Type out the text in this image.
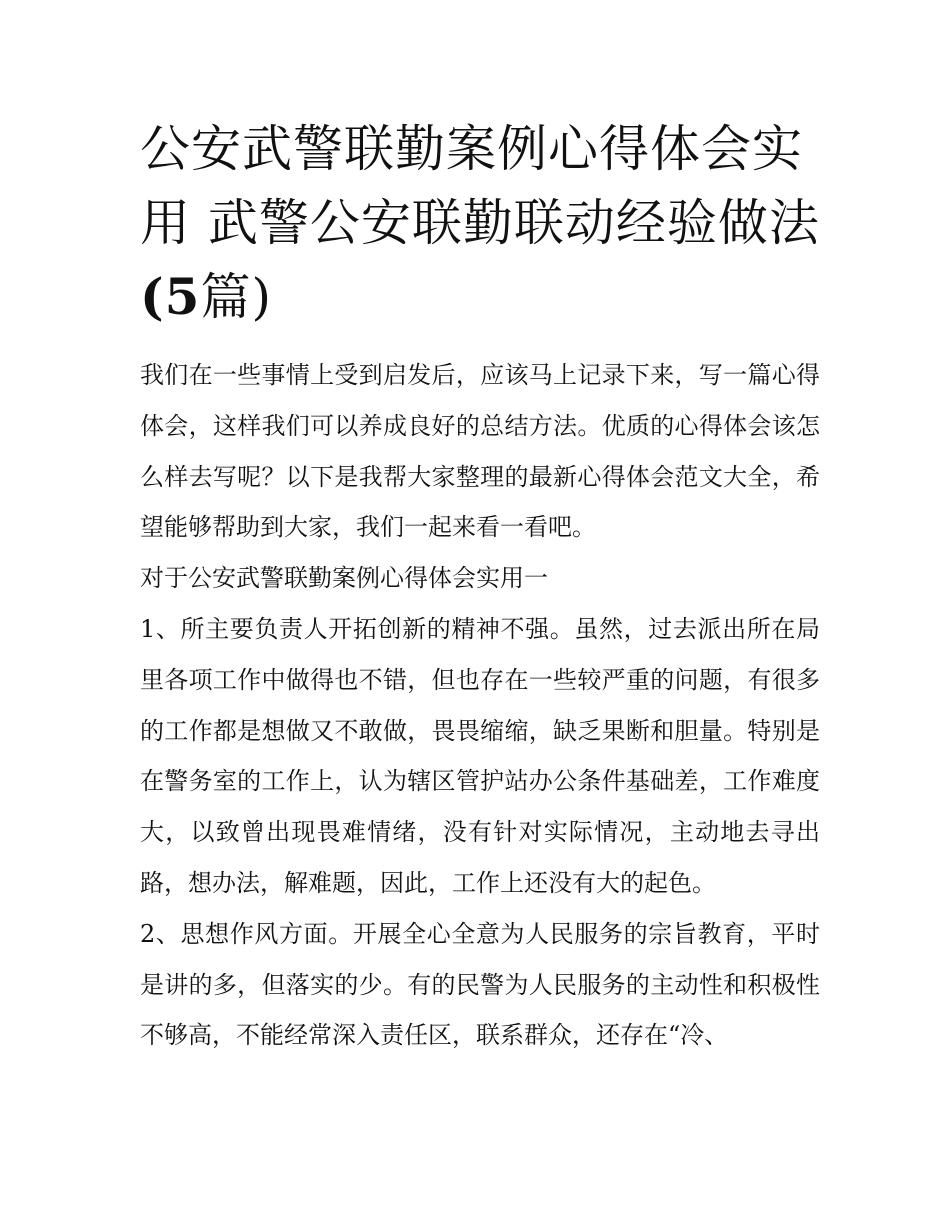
公安武警联勤案例心得体会实
用 武警公安联勤联动经验做法
(5篇)

我们在一些事情上受到启发后，应该马上记录下来，写一篇心得体会，这样我们可以养成良好的总结方法。优质的心得体会该怎么样去写呢？以下是我帮大家整理的最新心得体会范文大全，希望能够帮助到大家，我们一起来看一看吧。

对于公安武警联勤案例心得体会实用一

1、所主要负责人开拓创新的精神不强。虽然，过去派出所在局里各项工作中做得也不错，但也存在一些较严重的问题，有很多的工作都是想做又不敢做，畏畏缩缩，缺乏果断和胆量。特别是在警务室的工作上，认为辖区管护站办公条件基础差，工作难度大，以致曾出现畏难情绪，没有针对实际情况，主动地去寻出路，想办法，解难题，因此，工作上还没有大的起色。

2、思想作风方面。开展全心全意为人民服务的宗旨教育，平时是讲的多，但落实的少。有的民警为人民服务的主动性和积极性不够高，不能经常深入责任区，联系群众，还存在“冷、
